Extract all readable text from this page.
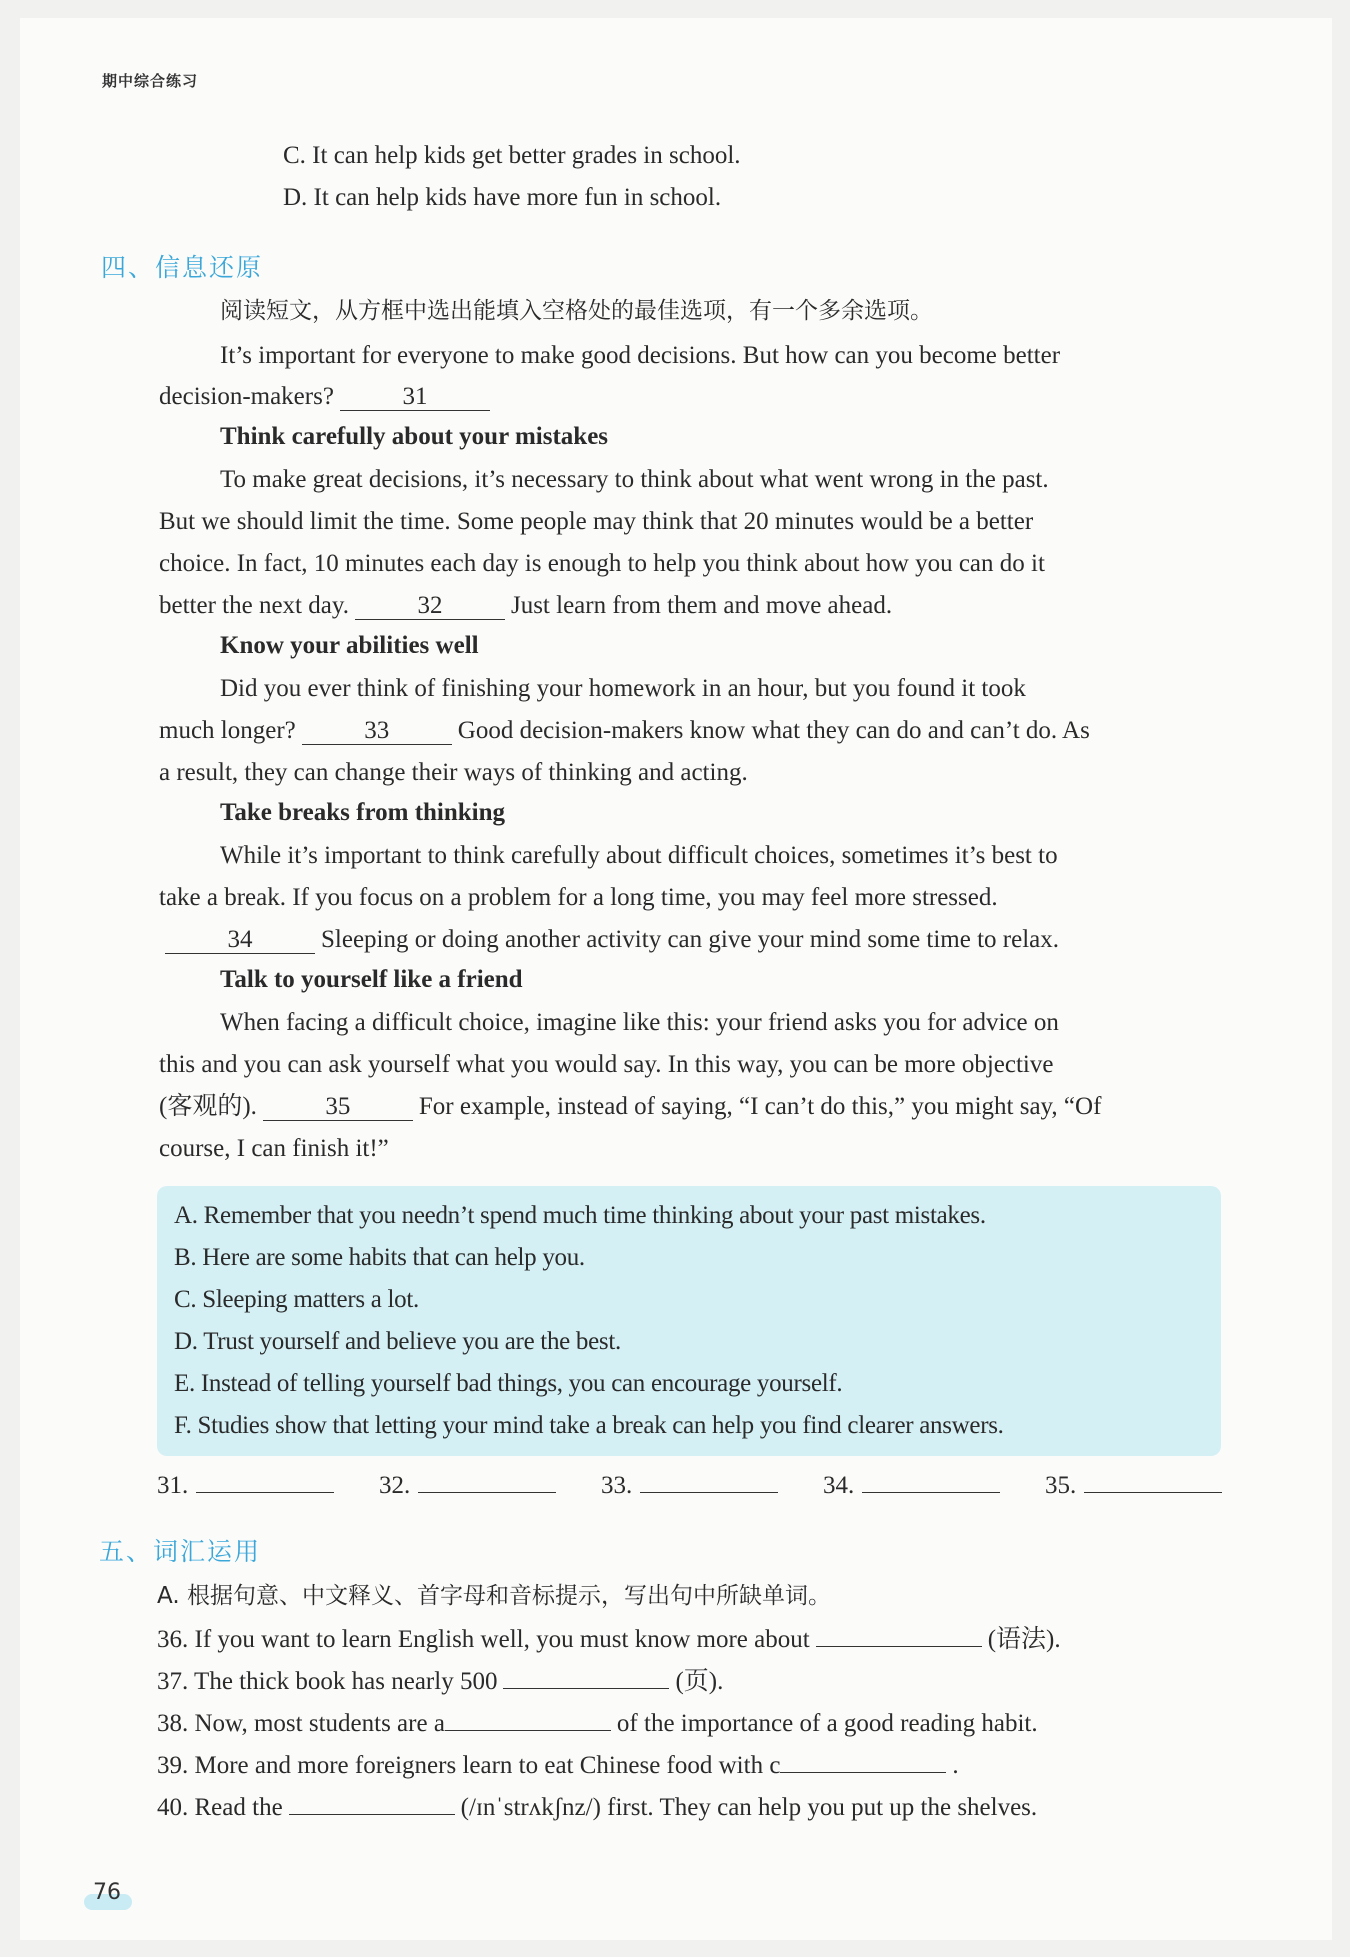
期中综合练习
C. It can help kids get better grades in school.
D. It can help kids have more fun in school.
四、信息还原
阅读短文，从方框中选出能填入空格处的最佳选项，有一个多余选项。
It’s important for everyone to make good decisions. But how can you become better
decision-makers?	31
Think carefully about your mistakes
To make great decisions, it’s necessary to think about what went wrong in the past.
But we should limit the time. Some people may think that 20 minutes would be a better
choice. In fact, 10 minutes each day is enough to help you think about how you can do it
better the next day.	32	Just learn from them and move ahead.
Know your abilities well
Did you ever think of finishing your homework in an hour, but you found it took
much longer?	33	Good decision-makers know what they can do and can’t do. As
a result, they can change their ways of thinking and acting.
Take breaks from thinking
While it’s important to think carefully about difficult choices, sometimes it’s best to
take a break. If you focus on a problem for a long time, you may feel more stressed.
34	Sleeping or doing another activity can give your mind some time to relax.
Talk to yourself like a friend
When facing a difficult choice, imagine like this: your friend asks you for advice on
this and you can ask yourself what you would say. In this way, you can be more objective
(客观的).	35	For example, instead of saying, “I can’t do this,” you might say, “Of
course, I can finish it!”
A. Remember that you needn’t spend much time thinking about your past mistakes.
B. Here are some habits that can help you.
C. Sleeping matters a lot.
D. Trust yourself and believe you are the best.
E. Instead of telling yourself bad things, you can encourage yourself.
F. Studies show that letting your mind take a break can help you find clearer answers.
31.	32.	33.	34.	35.
五、词汇运用
A. 根据句意、中文释义、首字母和音标提示，写出句中所缺单词。
36. If you want to learn English well, you must know more about	(语法).
37. The thick book has nearly 500	(页).
38. Now, most students are a	of the importance of a good reading habit.
39. More and more foreigners learn to eat Chinese food with c	.
40. Read the	(/ɪnˈstrʌkʃnz/) first. They can help you put up the shelves.
76
